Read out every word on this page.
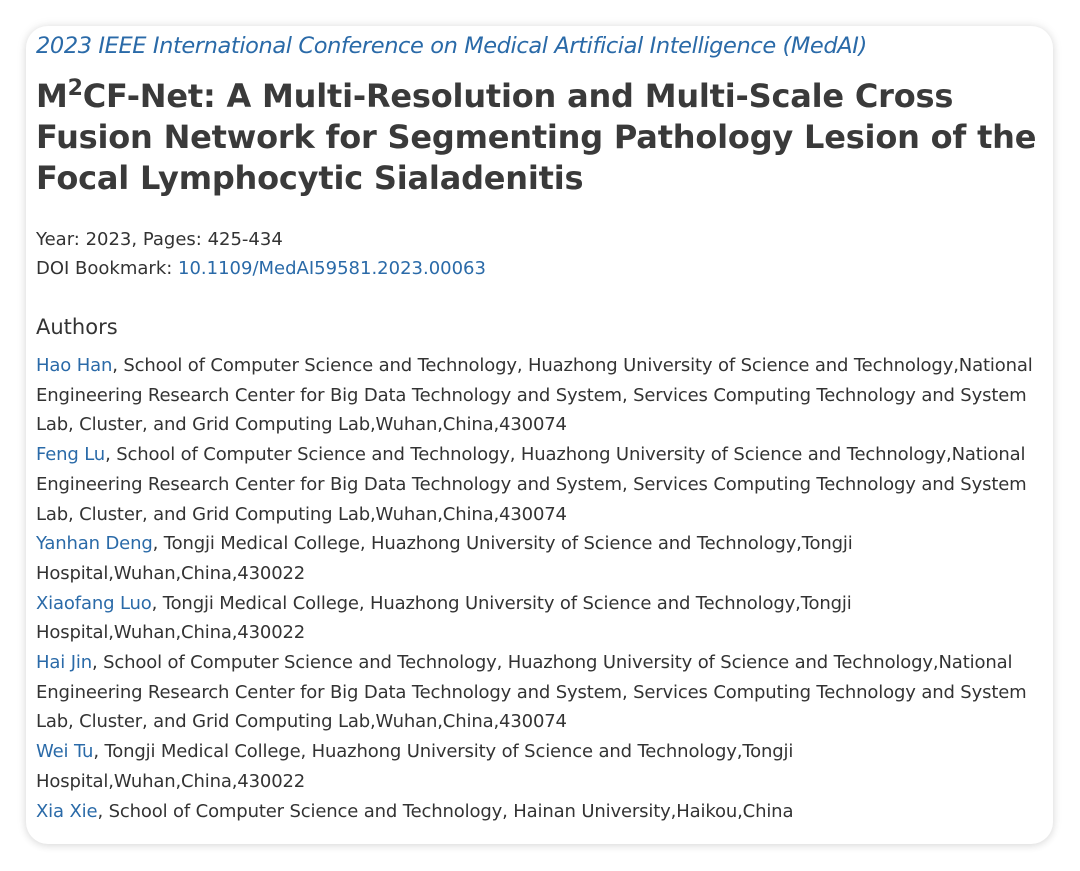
2023 IEEE International Conference on Medical Artificial Intelligence (MedAI)
$M^2CF$-Net: A Multi-Resolution and Multi-Scale Cross Fusion Network for Segmenting Pathology Lesion of the Focal Lymphocytic Sialadenitis
Year: 2023, Pages: 425-434
DOI Bookmark: 10.1109/MedAI59581.2023.00063
Authors
Hao Han, School of Computer Science and Technology, Huazhong University of Science and Technology,National Engineering Research Center for Big Data Technology and System, Services Computing Technology and System Lab, Cluster, and Grid Computing Lab,Wuhan,China,430074
Feng Lu, School of Computer Science and Technology, Huazhong University of Science and Technology,National Engineering Research Center for Big Data Technology and System, Services Computing Technology and System Lab, Cluster, and Grid Computing Lab,Wuhan,China,430074
Yanhan Deng, Tongji Medical College, Huazhong University of Science and Technology,Tongji Hospital,Wuhan,China,430022
Xiaofang Luo, Tongji Medical College, Huazhong University of Science and Technology,Tongji Hospital,Wuhan,China,430022
Hai Jin, School of Computer Science and Technology, Huazhong University of Science and Technology,National Engineering Research Center for Big Data Technology and System, Services Computing Technology and System Lab, Cluster, and Grid Computing Lab,Wuhan,China,430074
Wei Tu, Tongji Medical College, Huazhong University of Science and Technology,Tongji Hospital,Wuhan,China,430022
Xia Xie, School of Computer Science and Technology, Hainan University,Haikou,China
